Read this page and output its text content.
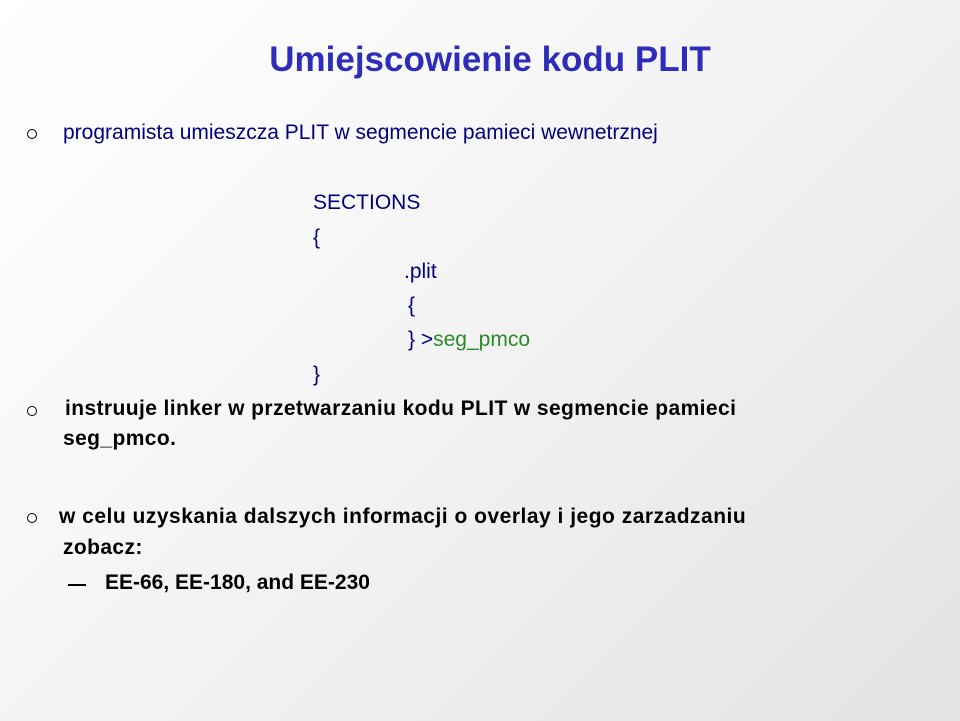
Umiejscowienie kodu PLIT
programista umieszcza PLIT w segmencie pamieci wewnetrznej
SECTIONS
{
.plit
{
} >seg_pmco
}
instruuje linker w przetwarzaniu kodu PLIT w segmencie pamieci
seg_pmco.
w celu uzyskania dalszych informacji o overlay i jego zarzadzaniu
zobacz:
EE-66, EE-180, and EE-230
